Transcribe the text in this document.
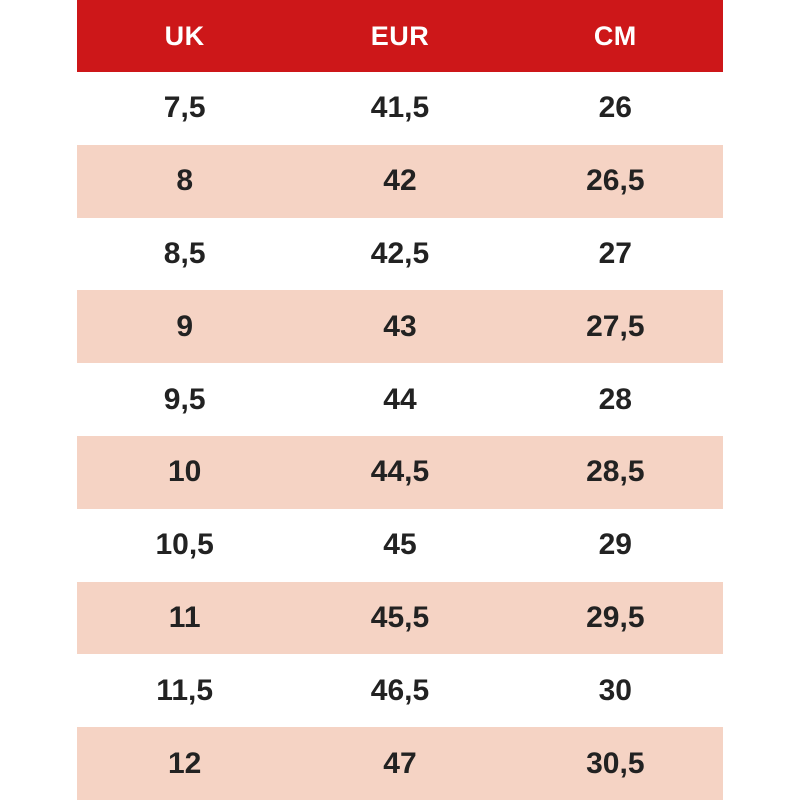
UK	EUR	CM
7,5	41,5	26
8	42	26,5
8,5	42,5	27
9	43	27,5
9,5	44	28
10	44,5	28,5
10,5	45	29
11	45,5	29,5
11,5	46,5	30
12	47	30,5
